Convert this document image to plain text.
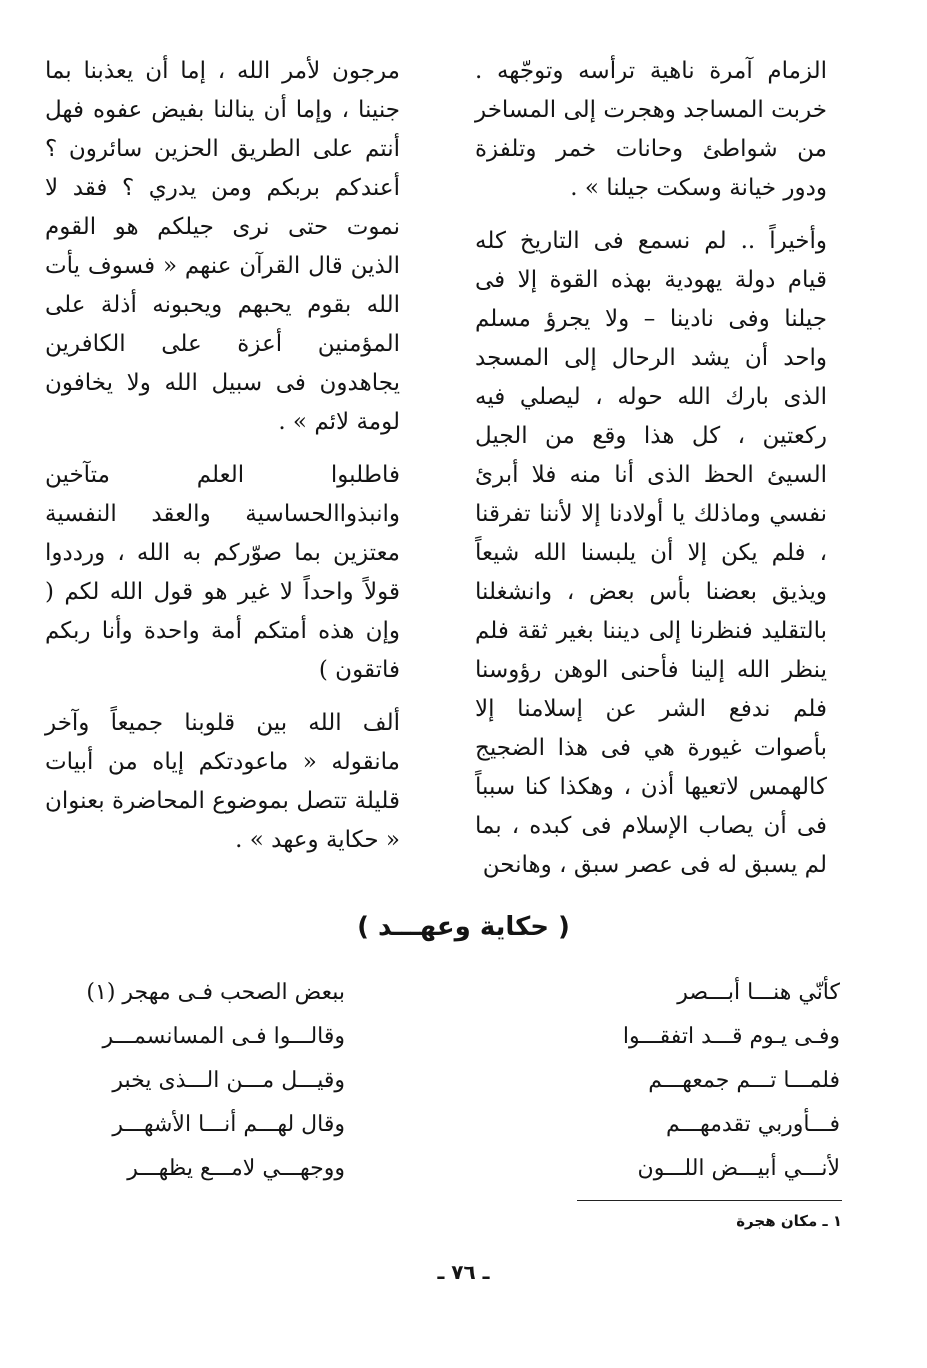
الزمام آمرة ناهية ترأسه وتوجّهه . خربت المساجد وهجرت إلى المساخر من شواطئ وحانات خمر وتلفزة ودور خيانة وسكت جيلنا » .

وأخيراً .. لم نسمع فى التاريخ كله قيام دولة يهودية بهذه القوة إلا فى جيلنا وفى نادينا – ولا يجرؤ مسلم واحد أن يشد الرحال إلى المسجد الذى بارك الله حوله ، ليصلي فيه ركعتين ، كل هذا وقع من الجيل السيئ الحظ الذى أنا منه فلا أبرئ نفسي وماذلك يا أولادنا إلا لأننا تفرقنا ، فلم يكن إلا أن يلبسنا الله شيعاً ويذيق بعضنا بأس بعض ، وانشغلنا بالتقليد فنظرنا إلى ديننا بغير ثقة فلم ينظر الله إلينا فأحنى الوهن رؤوسنا فلم ندفع الشر عن إسلامنا إلا بأصوات غيورة هي فى هذا الضجيج كالهمس لاتعيها أذن ، وهكذا كنا سبباً فى أن يصاب الإسلام فى كبده ، بما لم يسبق له فى عصر سبق ، وهانحن

مرجون لأمر الله ، إما أن يعذبنا بما جنينا ، وإما أن ينالنا بفيض عفوه فهل أنتم على الطريق الحزين سائرون ؟ أعندكم بربكم ومن يدري ؟ فقد لا نموت حتى نرى جيلكم هو القوم الذين قال القرآن عنهم « فسوف يأت الله بقوم يحبهم ويحبونه أذلة على المؤمنين أعزة على الكافرين يجاهدون فى سبيل الله ولا يخافون لومة لائم » .

فاطلبوا العلم متآخين وانبذواالحساسية والعقد النفسية معتزين بما صوّركم به الله ، ورددوا قولاً واحداً لا غير هو قول الله لكم ( وإن هذه أمتكم أمة واحدة وأنا ربكم فاتقون )

ألف الله بين قلوبنا جميعاً وآخر مانقوله « ماعودتكم إياه من أبيات قليلة تتصل بموضوع المحاضرة بعنوان « حكاية وعهد » .

( حكاية وعهـــد )
كأنّي هنـــا أبـــصر
ببعض الصحب فـى مهجر (١)
وفـى يـوم قـــد اتفقـــوا
وقالـــوا فـى المسانسمـــر
فلمـــا تـــم جمعهـــم
وقيـــل مـــن الـــذى يخبر
فـــأوربي تقدمهـــم
وقال لهـــم أنـــا الأشهـــر
لأنـــي أبيـــض اللـــون
ووجهـــي لامـــع يظهـــر
١ ـ مكان هجرة
ـ ٧٦ ـ
